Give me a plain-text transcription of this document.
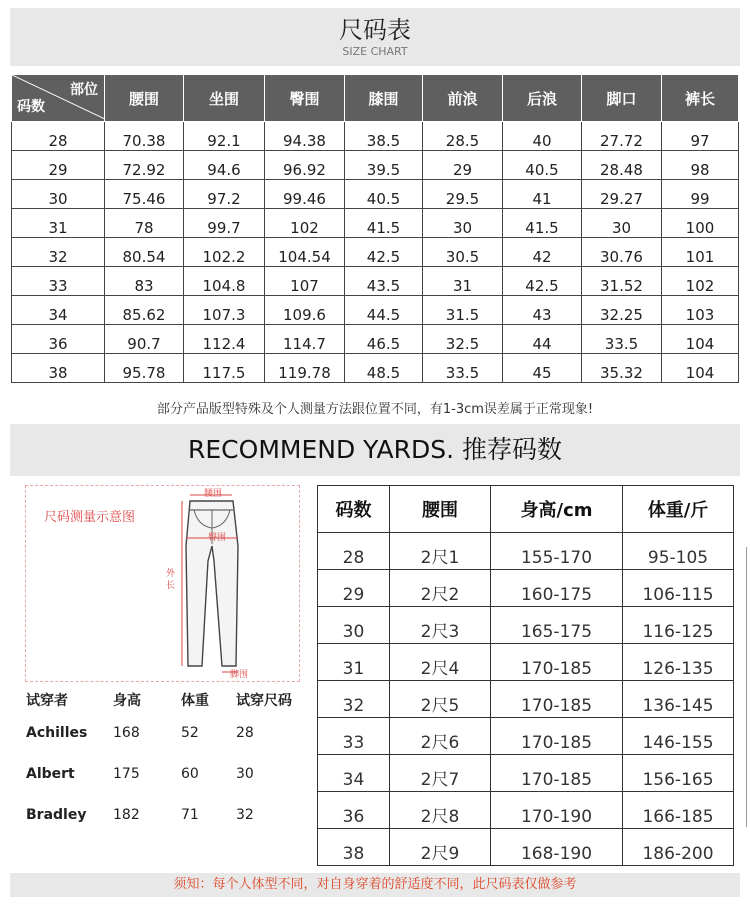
尺码表
SIZE CHART
部位
码数	腰围	坐围	臀围	膝围	前浪	后浪	脚口	裤长
28	70.38	92.1	94.38	38.5	28.5	40	27.72	97
29	72.92	94.6	96.92	39.5	29	40.5	28.48	98
30	75.46	97.2	99.46	40.5	29.5	41	29.27	99
31	78	99.7	102	41.5	30	41.5	30	100
32	80.54	102.2	104.54	42.5	30.5	42	30.76	101
33	83	104.8	107	43.5	31	42.5	31.52	102
34	85.62	107.3	109.6	44.5	31.5	43	32.25	103
36	90.7	112.4	114.7	46.5	32.5	44	33.5	104
38	95.78	117.5	119.78	48.5	33.5	45	35.32	104
部分产品版型特殊及个人测量方法跟位置不同，有1-3cm误差属于正常现象!
RECOMMEND YARDS. 推荐码数
尺码测量示意图
腰围
臀围
外
长
脚围
试穿者	身高	体重	试穿尺码
Achilles	168	52	28
Albert	175	60	30
Bradley	182	71	32
码数	腰围	身高/cm	体重/斤
28	2尺1	155-170	95-105
29	2尺2	160-175	106-115
30	2尺3	165-175	116-125
31	2尺4	170-185	126-135
32	2尺5	170-185	136-145
33	2尺6	170-185	146-155
34	2尺7	170-185	156-165
36	2尺8	170-190	166-185
38	2尺9	168-190	186-200
须知：每个人体型不同，对自身穿着的舒适度不同，此尺码表仅做参考
